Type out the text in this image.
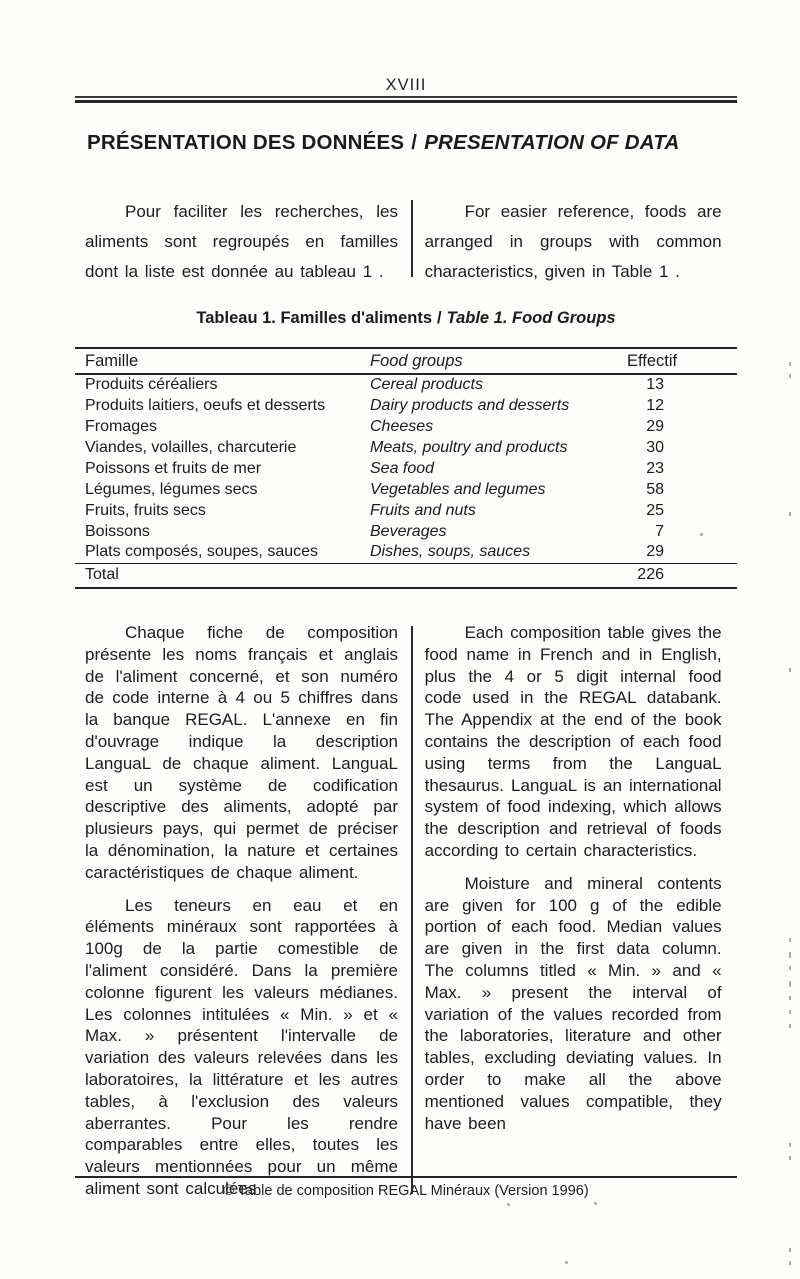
XVIII
PRÉSENTATION DES DONNÉES / PRESENTATION OF DATA

Pour faciliter les recherches, les aliments sont regroupés en familles dont la liste est donnée au tableau 1 .

For easier reference, foods are arranged in groups with common characteristics, given in Table 1 .

Tableau 1. Familles d'aliments / Table 1. Food Groups
Famille	Food groups	Effectif
Produits céréaliers	Cereal products	13
Produits laitiers, oeufs et desserts	Dairy products and desserts	12
Fromages	Cheeses	29
Viandes, volailles, charcuterie	Meats, poultry and products	30
Poissons et fruits de mer	Sea food	23
Légumes, légumes secs	Vegetables and legumes	58
Fruits, fruits secs	Fruits and nuts	25
Boissons	Beverages	7
Plats composés, soupes, sauces	Dishes, soups, sauces	29
Total		226

Chaque fiche de composition présente les noms français et anglais de l'aliment concerné, et son numéro de code interne à 4 ou 5 chiffres dans la banque REGAL. L'annexe en fin d'ouvrage indique la description LanguaL de chaque aliment. LanguaL est un système de codification descriptive des aliments, adopté par plusieurs pays, qui permet de préciser la dénomination, la nature et certaines caractéristiques de chaque aliment.

Les teneurs en eau et en éléments minéraux sont rapportées à 100g de la partie comestible de l'aliment considéré. Dans la première colonne figurent les valeurs médianes. Les colonnes intitulées « Min. » et « Max. » présentent l'intervalle de variation des valeurs relevées dans les laboratoires, la littérature et les autres tables, à l'exclusion des valeurs aberrantes. Pour les rendre comparables entre elles, toutes les valeurs mentionnées pour un même aliment sont calculées

Each composition table gives the food name in French and in English, plus the 4 or 5 digit internal food code used in the REGAL databank. The Appendix at the end of the book contains the description of each food using terms from the LanguaL thesaurus. LanguaL is an international system of food indexing, which allows the description and retrieval of foods according to certain characteristics.

Moisture and mineral contents are given for 100 g of the edible portion of each food. Median values are given in the first data column. The columns titled « Min. » and « Max. » present the interval of variation of the values recorded from the laboratories, literature and other tables, excluding deviating values. In order to make all the above mentioned values compatible, they have been

© Table de composition REGAL Minéraux (Version 1996)
